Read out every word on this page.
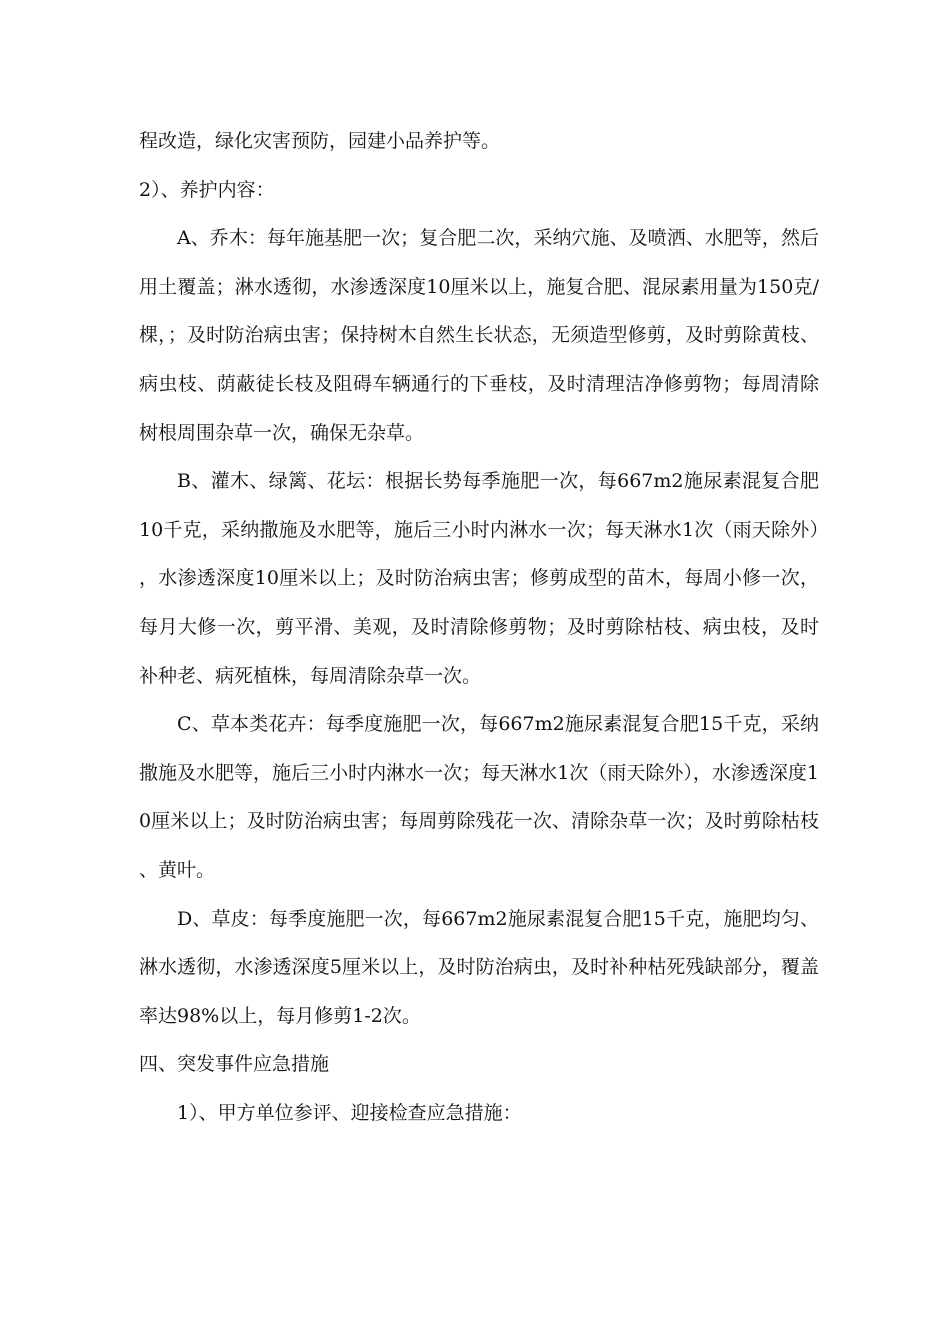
程改造，绿化灾害预防，园建小品养护等。

2）、养护内容：

A、乔木：每年施基肥一次；复合肥二次，采纳穴施、及喷洒、水肥等，然后用土覆盖；淋水透彻，水渗透深度10厘米以上，施复合肥、混尿素用量为150克/棵，；及时防治病虫害；保持树木自然生长状态，无须造型修剪，及时剪除黄枝、病虫枝、荫蔽徒长枝及阻碍车辆通行的下垂枝，及时清理洁净修剪物；每周清除树根周围杂草一次，确保无杂草。

B、灌木、绿篱、花坛：根据长势每季施肥一次，每667m2施尿素混复合肥10千克，采纳撒施及水肥等，施后三小时内淋水一次；每天淋水1次（雨天除外），水渗透深度10厘米以上；及时防治病虫害；修剪成型的苗木，每周小修一次，每月大修一次，剪平滑、美观，及时清除修剪物；及时剪除枯枝、病虫枝，及时补种老、病死植株，每周清除杂草一次。

C、草本类花卉：每季度施肥一次，每667m2施尿素混复合肥15千克，采纳撒施及水肥等，施后三小时内淋水一次；每天淋水1次（雨天除外），水渗透深度10厘米以上；及时防治病虫害；每周剪除残花一次、清除杂草一次；及时剪除枯枝、黄叶。

D、草皮：每季度施肥一次，每667m2施尿素混复合肥15千克，施肥均匀、淋水透彻，水渗透深度5厘米以上，及时防治病虫，及时补种枯死残缺部分，覆盖率达98%以上，每月修剪1-2次。

四、突发事件应急措施

1）、甲方单位参评、迎接检查应急措施：
